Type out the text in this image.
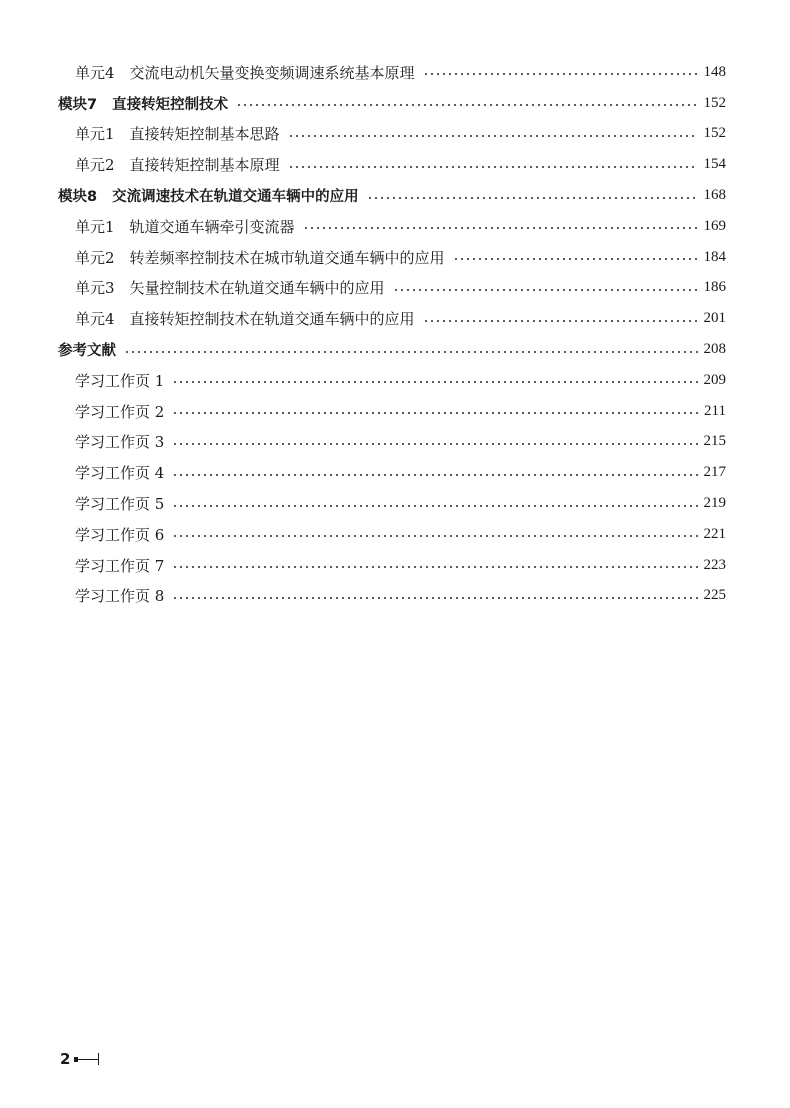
单元4 交流电动机矢量变换变频调速系统基本原理	148
模块7 直接转矩控制技术	152
单元1 直接转矩控制基本思路	152
单元2 直接转矩控制基本原理	154
模块8 交流调速技术在轨道交通车辆中的应用	168
单元1 轨道交通车辆牵引变流器	169
单元2 转差频率控制技术在城市轨道交通车辆中的应用	184
单元3 矢量控制技术在轨道交通车辆中的应用	186
单元4 直接转矩控制技术在轨道交通车辆中的应用	201
参考文献	208
学习工作页 1	209
学习工作页 2	211
学习工作页 3	215
学习工作页 4	217
学习工作页 5	219
学习工作页 6	221
学习工作页 7	223
学习工作页 8	225
2
